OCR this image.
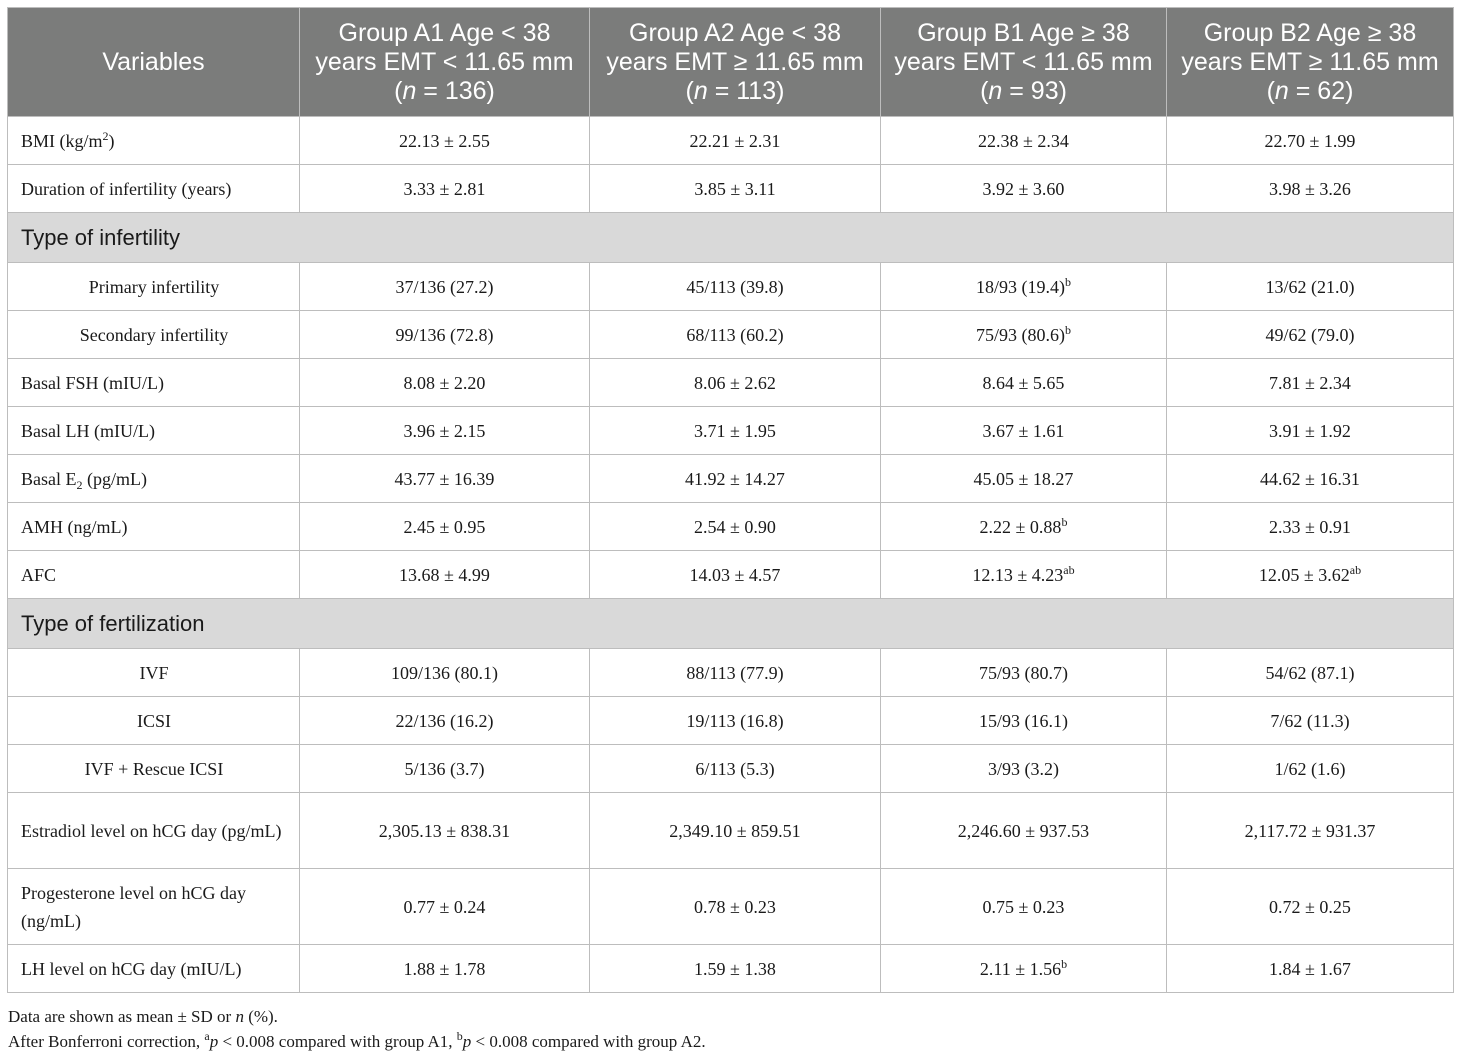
Variables	Group A1 Age < 38 years EMT < 11.65 mm (n = 136)	Group A2 Age < 38 years EMT ≥ 11.65 mm (n = 113)	Group B1 Age ≥ 38 years EMT < 11.65 mm (n = 93)	Group B2 Age ≥ 38 years EMT ≥ 11.65 mm (n = 62)
BMI $(kg/m^2)$	22.13 ± 2.55	22.21 ± 2.31	22.38 ± 2.34	22.70 ± 1.99
Duration of infertility (years)	3.33 ± 2.81	3.85 ± 3.11	3.92 ± 3.60	3.98 ± 3.26
Type of infertility				
Primary infertility	37/136 (27.2)	45/113 (39.8)	18/93 $(19.4)^b$	13/62 (21.0)
Secondary infertility	99/136 (72.8)	68/113 (60.2)	75/93 $(80.6)^b$	49/62 (79.0)
Basal FSH (mIU/L)	8.08 ± 2.20	8.06 ± 2.62	8.64 ± 5.65	7.81 ± 2.34
Basal LH (mIU/L)	3.96 ± 2.15	3.71 ± 1.95	3.67 ± 1.61	3.91 ± 1.92
Basal $E_2$ (pg/mL)	43.77 ± 16.39	41.92 ± 14.27	45.05 ± 18.27	44.62 ± 16.31
AMH (ng/mL)	2.45 ± 0.95	2.54 ± 0.90	2.22 ± 0.88$^b$	2.33 ± 0.91
AFC	13.68 ± 4.99	14.03 ± 4.57	12.13 ± 4.23$^{ab}$	12.05 ± 3.62$^{ab}$
Type of fertilization				
IVF	109/136 (80.1)	88/113 (77.9)	75/93 (80.7)	54/62 (87.1)
ICSI	22/136 (16.2)	19/113 (16.8)	15/93 (16.1)	7/62 (11.3)
IVF + Rescue ICSI	5/136 (3.7)	6/113 (5.3)	3/93 (3.2)	1/62 (1.6)
Estradiol level on hCG day (pg/mL)	2,305.13 ± 838.31	2,349.10 ± 859.51	2,246.60 ± 937.53	2,117.72 ± 931.37
Progesterone level on hCG day (ng/mL)	0.77 ± 0.24	0.78 ± 0.23	0.75 ± 0.23	0.72 ± 0.25
LH level on hCG day (mIU/L)	1.88 ± 1.78	1.59 ± 1.38	2.11 ± 1.56$^b$	1.84 ± 1.67
Data are shown as mean ± SD or n (%).
After Bonferroni correction, $^a$p < 0.008 compared with group A1, $^b$p < 0.008 compared with group A2.
